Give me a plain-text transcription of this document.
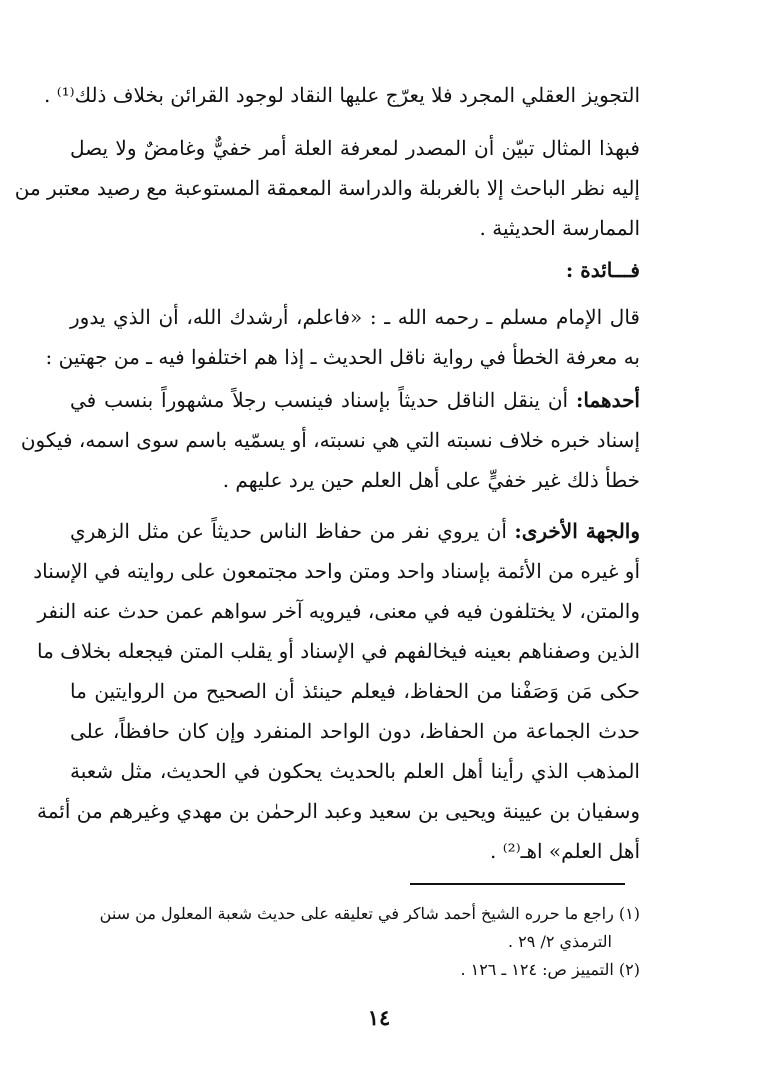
التجويز العقلي المجرد فلا يعرّج عليها النقاد لوجود القرائن بخلاف ذلك⁽¹⁾ .
فبهذا المثال تبيّن أن المصدر لمعرفة العلة أمر خفيٌّ وغامضٌ ولا يصل
إليه نظر الباحث إلا بالغربلة والدراسة المعمقة المستوعبة مع رصيد معتبر من
الممارسة الحديثية .
فـــائدة :
قال الإمام مسلم ـ رحمه الله ـ : «فاعلم، أرشدك الله، أن الذي يدور
به معرفة الخطأ في رواية ناقل الحديث ـ إذا هم اختلفوا فيه ـ من جهتين :
أحدهما: أن ينقل الناقل حديثاً بإسناد فينسب رجلاً مشهوراً بنسب في
إسناد خبره خلاف نسبته التي هي نسبته، أو يسمّيه باسم سوى اسمه، فيكون
خطأ ذلك غير خفيٍّ على أهل العلم حين يرد عليهم .
والجهة الأخرى: أن يروي نفر من حفاظ الناس حديثاً عن مثل الزهري
أو غيره من الأئمة بإسناد واحد ومتن واحد مجتمعون على روايته في الإسناد
والمتن، لا يختلفون فيه في معنى، فيرويه آخر سواهم عمن حدث عنه النفر
الذين وصفناهم بعينه فيخالفهم في الإسناد أو يقلب المتن فيجعله بخلاف ما
حكى مَن وَصَفْنا من الحفاظ، فيعلم حينئذ أن الصحيح من الروايتين ما
حدث الجماعة من الحفاظ، دون الواحد المنفرد وإن كان حافظاً، على
المذهب الذي رأينا أهل العلم بالحديث يحكون في الحديث، مثل شعبة
وسفيان بن عيينة ويحيى بن سعيد وعبد الرحمٰن بن مهدي وغيرهم من أئمة
أهل العلم» اهـ⁽²⁾ .
(١) راجع ما حرره الشيخ أحمد شاكر في تعليقه على حديث شعبة المعلول من سنن
الترمذي ٢/ ٢٩ .
(٢) التمييز ص: ١٢٤ ـ ١٢٦ .
١٤
